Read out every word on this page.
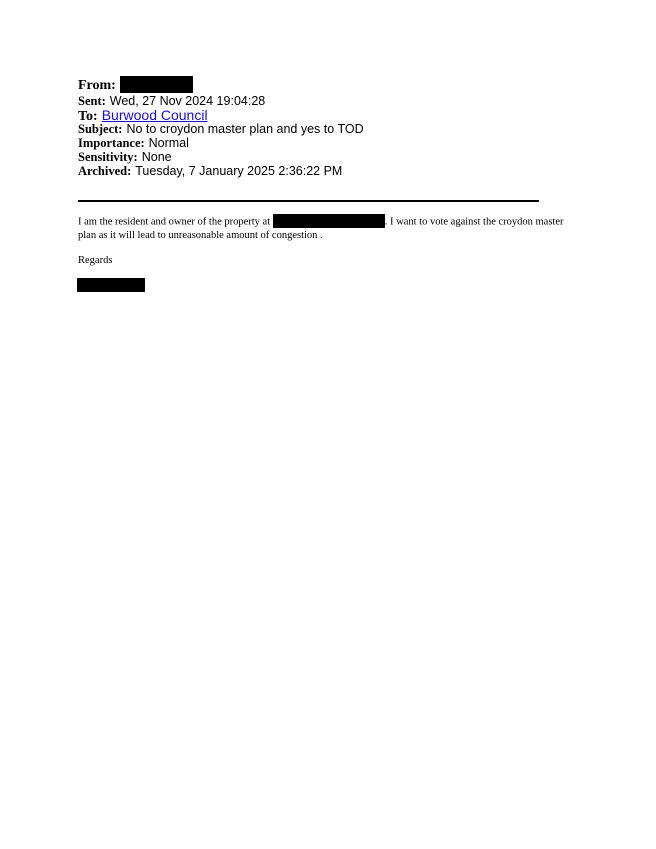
From:
Sent: Wed, 27 Nov 2024 19:04:28
To: Burwood Council
Subject: No to croydon master plan and yes to TOD
Importance: Normal
Sensitivity: None
Archived: Tuesday, 7 January 2025 2:36:22 PM

I am the resident and owner of the property at	. I want to vote against the croydon master

plan as it will lead to unreasonable amount of congestion .

Regards
